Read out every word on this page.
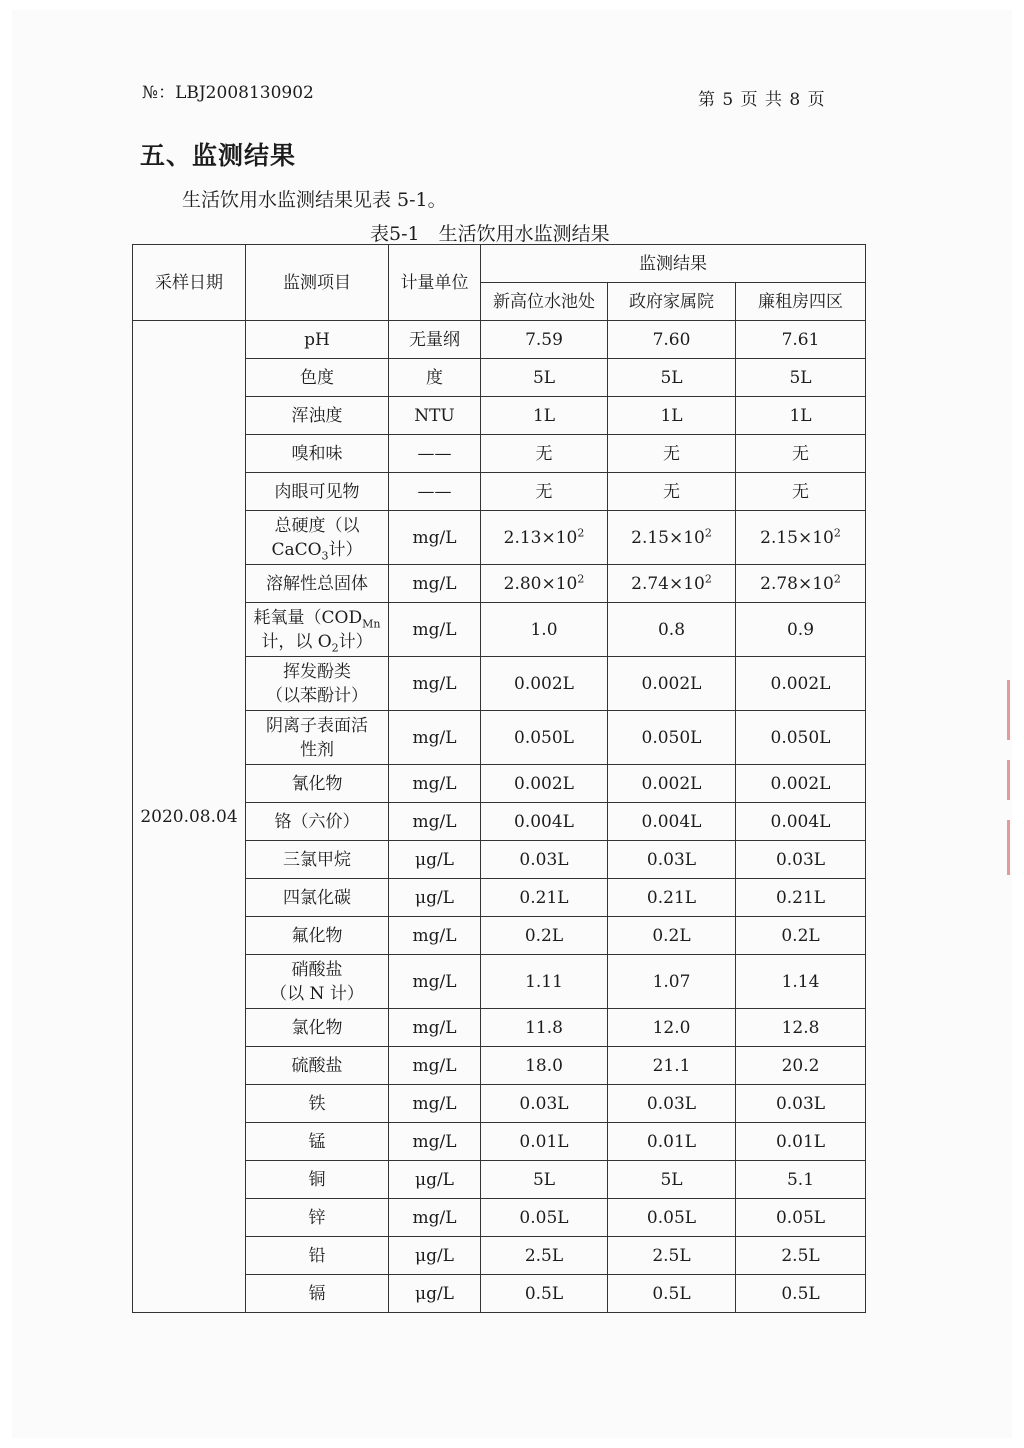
№：LBJ2008130902	第 5 页 共 8 页
五、监测结果
生活饮用水监测结果见表 5-1。
表5-1　生活饮用水监测结果
采样日期	监测项目	计量单位	监测结果		
			新高位水池处	政府家属院	廉租房四区
2020.08.04	pH	无量纲	7.59	7.60	7.61
	色度	度	5L	5L	5L
	浑浊度	NTU	1L	1L	1L
	嗅和味	——	无	无	无
	肉眼可见物	——	无	无	无
	总硬度（以
CaCO$_3$计）	mg/L	$2.13\times 10^2$	$2.15\times 10^2$	$2.15\times 10^2$
	溶解性总固体	mg/L	$2.80\times 10^2$	$2.74\times 10^2$	$2.78\times 10^2$
	耗氧量（$COD_{Mn}$
计，以 $O_2$计）	mg/L	1.0	0.8	0.9
	挥发酚类
（以苯酚计）	mg/L	0.002L	0.002L	0.002L
	阴离子表面活
性剂	mg/L	0.050L	0.050L	0.050L
	氰化物	mg/L	0.002L	0.002L	0.002L
	铬（六价）	mg/L	0.004L	0.004L	0.004L
	三氯甲烷	μg/L	0.03L	0.03L	0.03L
	四氯化碳	μg/L	0.21L	0.21L	0.21L
	氟化物	mg/L	0.2L	0.2L	0.2L
	硝酸盐
（以 N 计）	mg/L	1.11	1.07	1.14
	氯化物	mg/L	11.8	12.0	12.8
	硫酸盐	mg/L	18.0	21.1	20.2
	铁	mg/L	0.03L	0.03L	0.03L
	锰	mg/L	0.01L	0.01L	0.01L
	铜	μg/L	5L	5L	5.1
	锌	mg/L	0.05L	0.05L	0.05L
	铅	μg/L	2.5L	2.5L	2.5L
	镉	μg/L	0.5L	0.5L	0.5L
